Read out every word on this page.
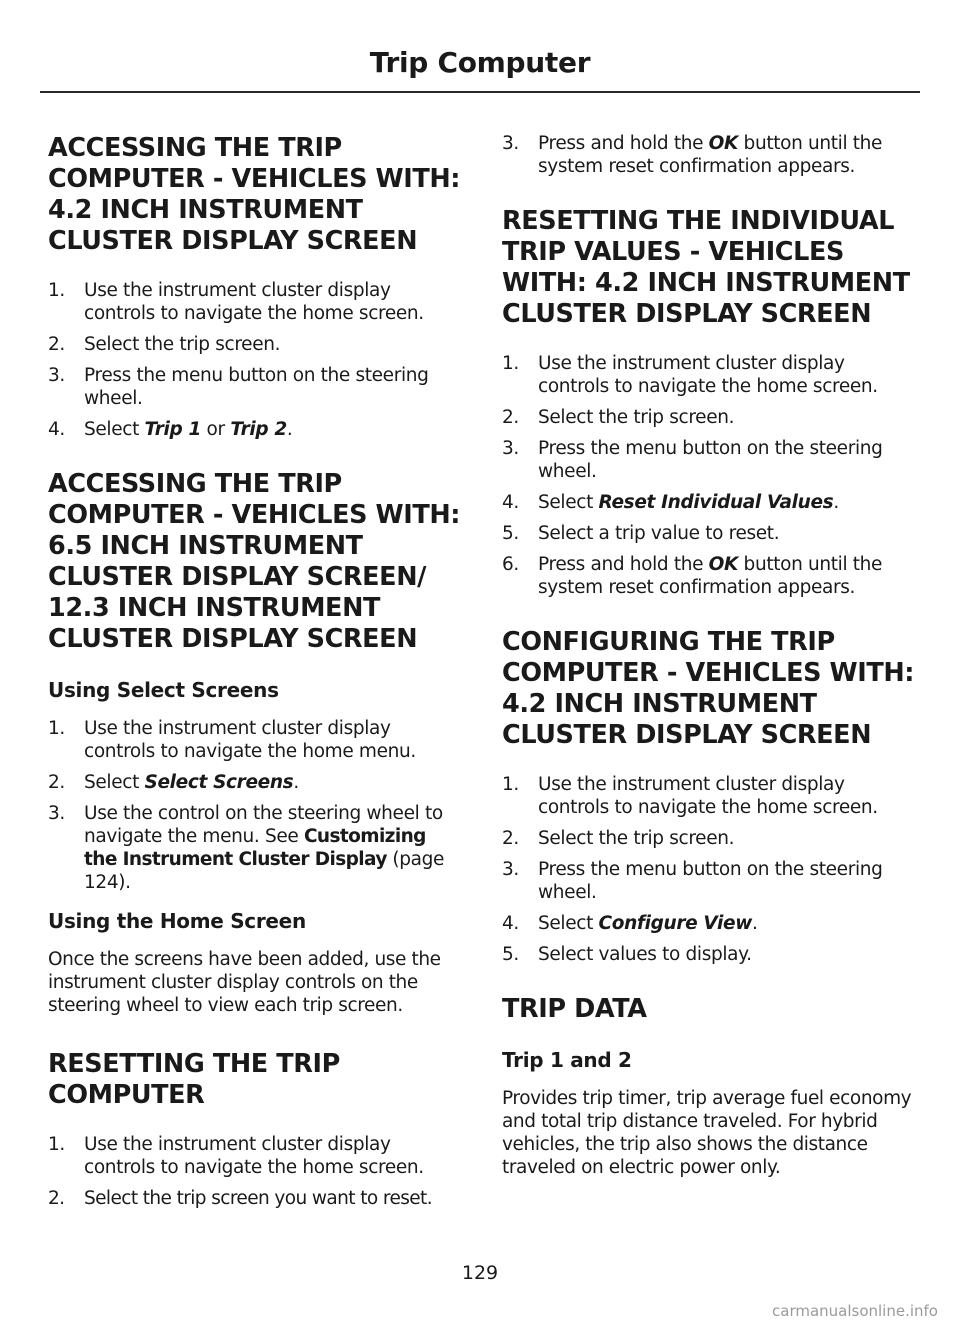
Trip Computer
ACCESSING THE TRIP
COMPUTER - VEHICLES WITH:
4.2 INCH INSTRUMENT
CLUSTER DISPLAY SCREEN
1. Use the instrument cluster display controls to navigate the home screen.
2. Select the trip screen.
3. Press the menu button on the steering wheel.
4. Select Trip 1 or Trip 2.
ACCESSING THE TRIP
COMPUTER - VEHICLES WITH:
6.5 INCH INSTRUMENT
CLUSTER DISPLAY SCREEN/
12.3 INCH INSTRUMENT
CLUSTER DISPLAY SCREEN
Using Select Screens
1. Use the instrument cluster display controls to navigate the home menu.
2. Select Select Screens.
3. Use the control on the steering wheel to navigate the menu. See Customizing the Instrument Cluster Display (page 124).
Using the Home Screen

Once the screens have been added, use the instrument cluster display controls on the steering wheel to view each trip screen.

RESETTING THE TRIP
COMPUTER
1. Use the instrument cluster display controls to navigate the home screen.
2. Select the trip screen you want to reset.
3. Press and hold the OK button until the system reset confirmation appears.
RESETTING THE INDIVIDUAL
TRIP VALUES - VEHICLES
WITH: 4.2 INCH INSTRUMENT
CLUSTER DISPLAY SCREEN
1. Use the instrument cluster display controls to navigate the home screen.
2. Select the trip screen.
3. Press the menu button on the steering wheel.
4. Select Reset Individual Values.
5. Select a trip value to reset.
6. Press and hold the OK button until the system reset confirmation appears.
CONFIGURING THE TRIP
COMPUTER - VEHICLES WITH:
4.2 INCH INSTRUMENT
CLUSTER DISPLAY SCREEN
1. Use the instrument cluster display controls to navigate the home screen.
2. Select the trip screen.
3. Press the menu button on the steering wheel.
4. Select Configure View.
5. Select values to display.
TRIP DATA
Trip 1 and 2

Provides trip timer, trip average fuel economy and total trip distance traveled. For hybrid vehicles, the trip also shows the distance traveled on electric power only.

129
carmanualsonline.info
